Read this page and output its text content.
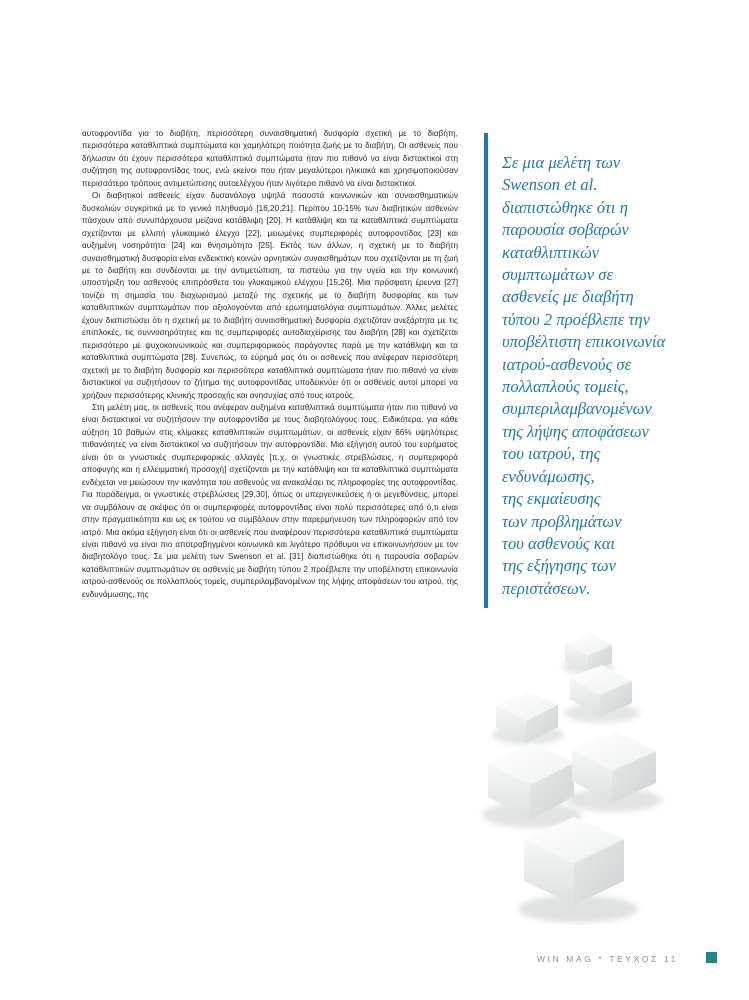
αυτοφροντίδα για το διαβήτη, περισσότερη συναισθηματική δυσφορία σχετική με το διαβήτη, περισσότερα καταθλιπτικά συμπτώματα και χαμηλότερη ποιότητα ζωής με το διαβήτη. Οι ασθενείς που δήλωσαν ότι έχουν περισσότερα καταθλιπτικά συμπτώματα ήταν πιο πιθανό να είναι διστακτικοί στη συζήτηση της αυτοφροντίδας τους, ενώ εκείνοι που ήταν μεγαλύτεροι ηλικιακά και χρησιμοποιούσαν περισσότερο τρόπους αντιμετώπισης αυτοελέγχου ήταν λιγότερο πιθανό να είναι διστακτικοί.

Οι διαβητικοί ασθενείς είχαν δυσανάλογα υψηλά ποσοστά κοινωνικών και συναισθηματικών δυσκολιών συγκριτικά με το γενικό πληθυσμό [16,20,21]. Περίπου 10-15% των διαβητικών ασθενών πάσχουν από συνυπάρχουσα μείζονα κατάθλιψη [20]. Η κατάθλιψη και τα καταθλιπτικά συμπτώματα σχετίζονται με ελλιπή γλυκαιμικό έλεγχο [22], μειωμένες συμπεριφορές αυτοφροντίδας [23] και αυξημένη νοσηρότητα [24] και θνησιμότητα [25]. Εκτός των άλλων, η σχετική με το διαβήτη συναισθηματική δυσφορία είναι ενδεικτική κοινών αρνητικών συναισθημάτων που σχετίζονται με τη ζωή με το διαβήτη και συνδέονται με την αντιμετώπιση, τα πιστεύω για την υγεία και την κοινωνική υποστήριξη του ασθενούς επιπρόσθετα του γλυκαιμικού ελέγχου [15,26]. Μια πρόσφατη έρευνα [27] τονίζει τη σημασία του διαχωρισμού μεταξύ της σχετικής με το διαβήτη δυσφορίας και των καταθλιπτικών συμπτωμάτων που αξιολογούνται από ερωτηματολόγια συμπτωμάτων. Άλλες μελέτες έχουν διαπιστώσει ότι η σχετική με το διαβήτη συναισθηματική δυσφορία σχετιζόταν ανεξάρτητα με τις επιπλοκές, τις συννοσηρότητες και τις συμπεριφορές αυτοδιαχείρισης του διαβήτη [28] και σχετίζεται περισσότερο με ψυχοκοινωνικούς και συμπεριφορικούς παράγοντες παρά με την κατάθλιψη και τα καταθλιπτικά συμπτώματα [28]. Συνεπώς, το εύρημά μας ότι οι ασθενείς που ανέφεραν περισσότερη σχετική με το διαβήτη δυσφορία και περισσότερα καταθλιπτικά συμπτώματα ήταν πιο πιθανό να είναι διστακτικοί να συζητήσουν το ζήτημα της αυτοφροντίδας υποδεικνύει ότι οι ασθενείς αυτοί μπορεί να χρήζουν περισσότερης κλινικής προσοχής και ανησυχίας από τους ιατρούς.

Στη μελέτη μας, οι ασθενείς που ανέφεραν αυξημένα καταθλιπτικά συμπτώματα ήταν πιο πιθανό να είναι διστακτικοί να συζητήσουν την αυτοφροντίδα με τους διαβητολόγους τους. Ειδικότερα, για κάθε αύξηση 10 βαθμών στις κλίμακες καταθλιπτικών συμπτωμάτων, οι ασθενείς είχαν 66% υψηλότερες πιθανότητες να είναι διστακτικοί να συζητήσουν την αυτοφροντίδα. Μια εξήγηση αυτού του ευρήματος είναι ότι οι γνωστικές συμπεριφορικές αλλαγές [π.χ. οι γνωστικές στρεβλώσεις, η συμπεριφορά αποφυγής και η ελλειμματική προσοχή] σχετίζονται με την κατάθλιψη και τα καταθλιπτικά συμπτώματα ενδέχεται να μειώσουν την ικανότητα του ασθενούς να ανακαλέσει τις πληροφορίες της αυτοφροντίδας. Για παράδειγμα, οι γνωστικές στρεβλώσεις [29,30], όπως οι υπεργενικεύσεις ή οι μεγεθύνσεις, μπορεί να συμβάλουν σε σκέψεις ότι οι συμπεριφορές αυτοφροντίδας είναι πολύ περισσότερες από ό,τι είναι στην πραγματικότητα και ως εκ τούτου να συμβάλουν στην παρερμήνευση των πληροφοριών από τον ιατρό. Μια ακόμα εξήγηση είναι ότι οι ασθενείς που αναφέρουν περισσότερα καταθλιπτικά συμπτώματα είναι πιθανό να είναι πιο αποτραβηγμένοι κοινωνικά και λιγότερο πρόθυμοι να επικοινωνήσουν με τον διαβητολόγο τους. Σε μια μελέτη των Swenson et al. [31] διαπιστώθηκε ότι η παρουσία σοβαρών καταθλιπτικών συμπτωμάτων σε ασθενείς με διαβήτη τύπου 2 προέβλεπε την υποβέλτιστη επικοινωνία ιατρού-ασθενούς σε πολλαπλούς τομείς, συμπεριλαμβανομένων της λήψης αποφάσεων του ιατρού, της ενδυνάμωσης, της

Σε μια μελέτη των
Swenson et al.
διαπιστώθηκε ότι η
παρουσία σοβαρών
καταθλιπτικών
συμπτωμάτων σε
ασθενείς με διαβήτη
τύπου 2 προέβλεπε την
υποβέλτιστη επικοινωνία
ιατρού-ασθενούς σε
πολλαπλούς τομείς,
συμπεριλαμβανομένων
της λήψης αποφάσεων
του ιατρού, της
ενδυνάμωσης,
της εκμαίευσης
των προβλημάτων
του ασθενούς και
της εξήγησης των
περιστάσεων.
WIN MAG * ΤΕΥΧΟΣ 11
